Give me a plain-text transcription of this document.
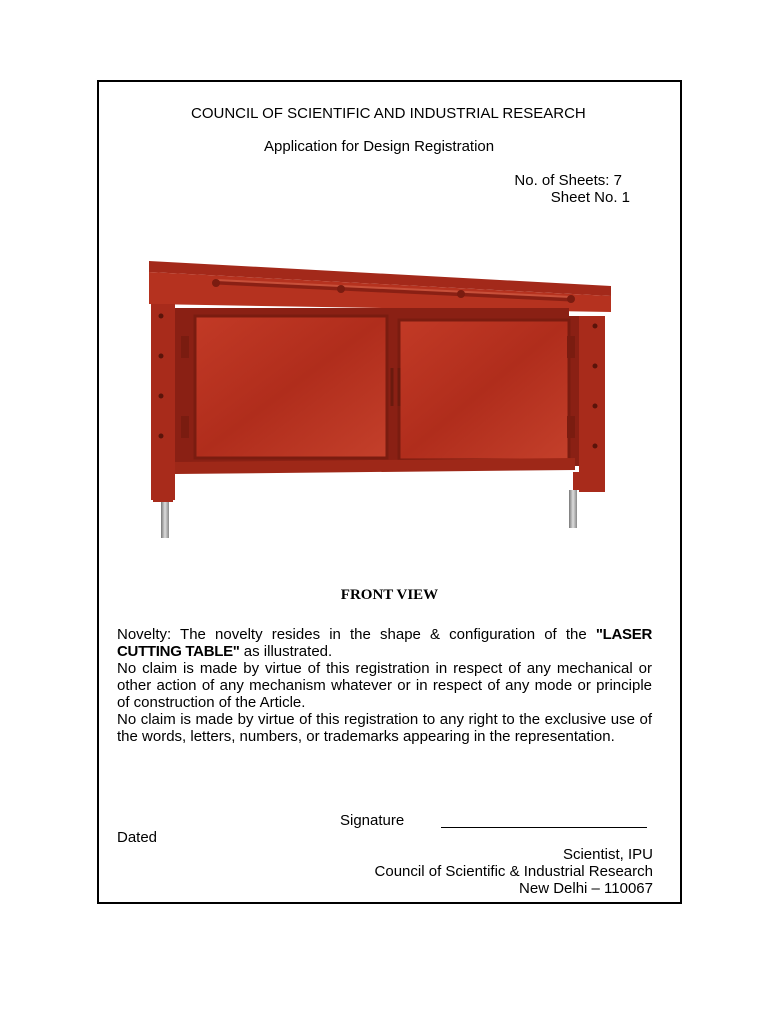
COUNCIL OF SCIENTIFIC AND INDUSTRIAL RESEARCH
Application for Design Registration
No. of Sheets: 7
Sheet No. 1
FRONT VIEW

Novelty: The novelty resides in the shape & configuration of the "LASER CUTTING TABLE" as illustrated.

No claim is made by virtue of this registration in respect of any mechanical or other action of any mechanism whatever or in respect of any mode or principle of construction of the Article.

No claim is made by virtue of this registration to any right to the exclusive use of the words, letters, numbers, or trademarks appearing in the representation.

Signature
Dated
Scientist, IPU
Council of Scientific & Industrial Research
New Delhi – 110067
